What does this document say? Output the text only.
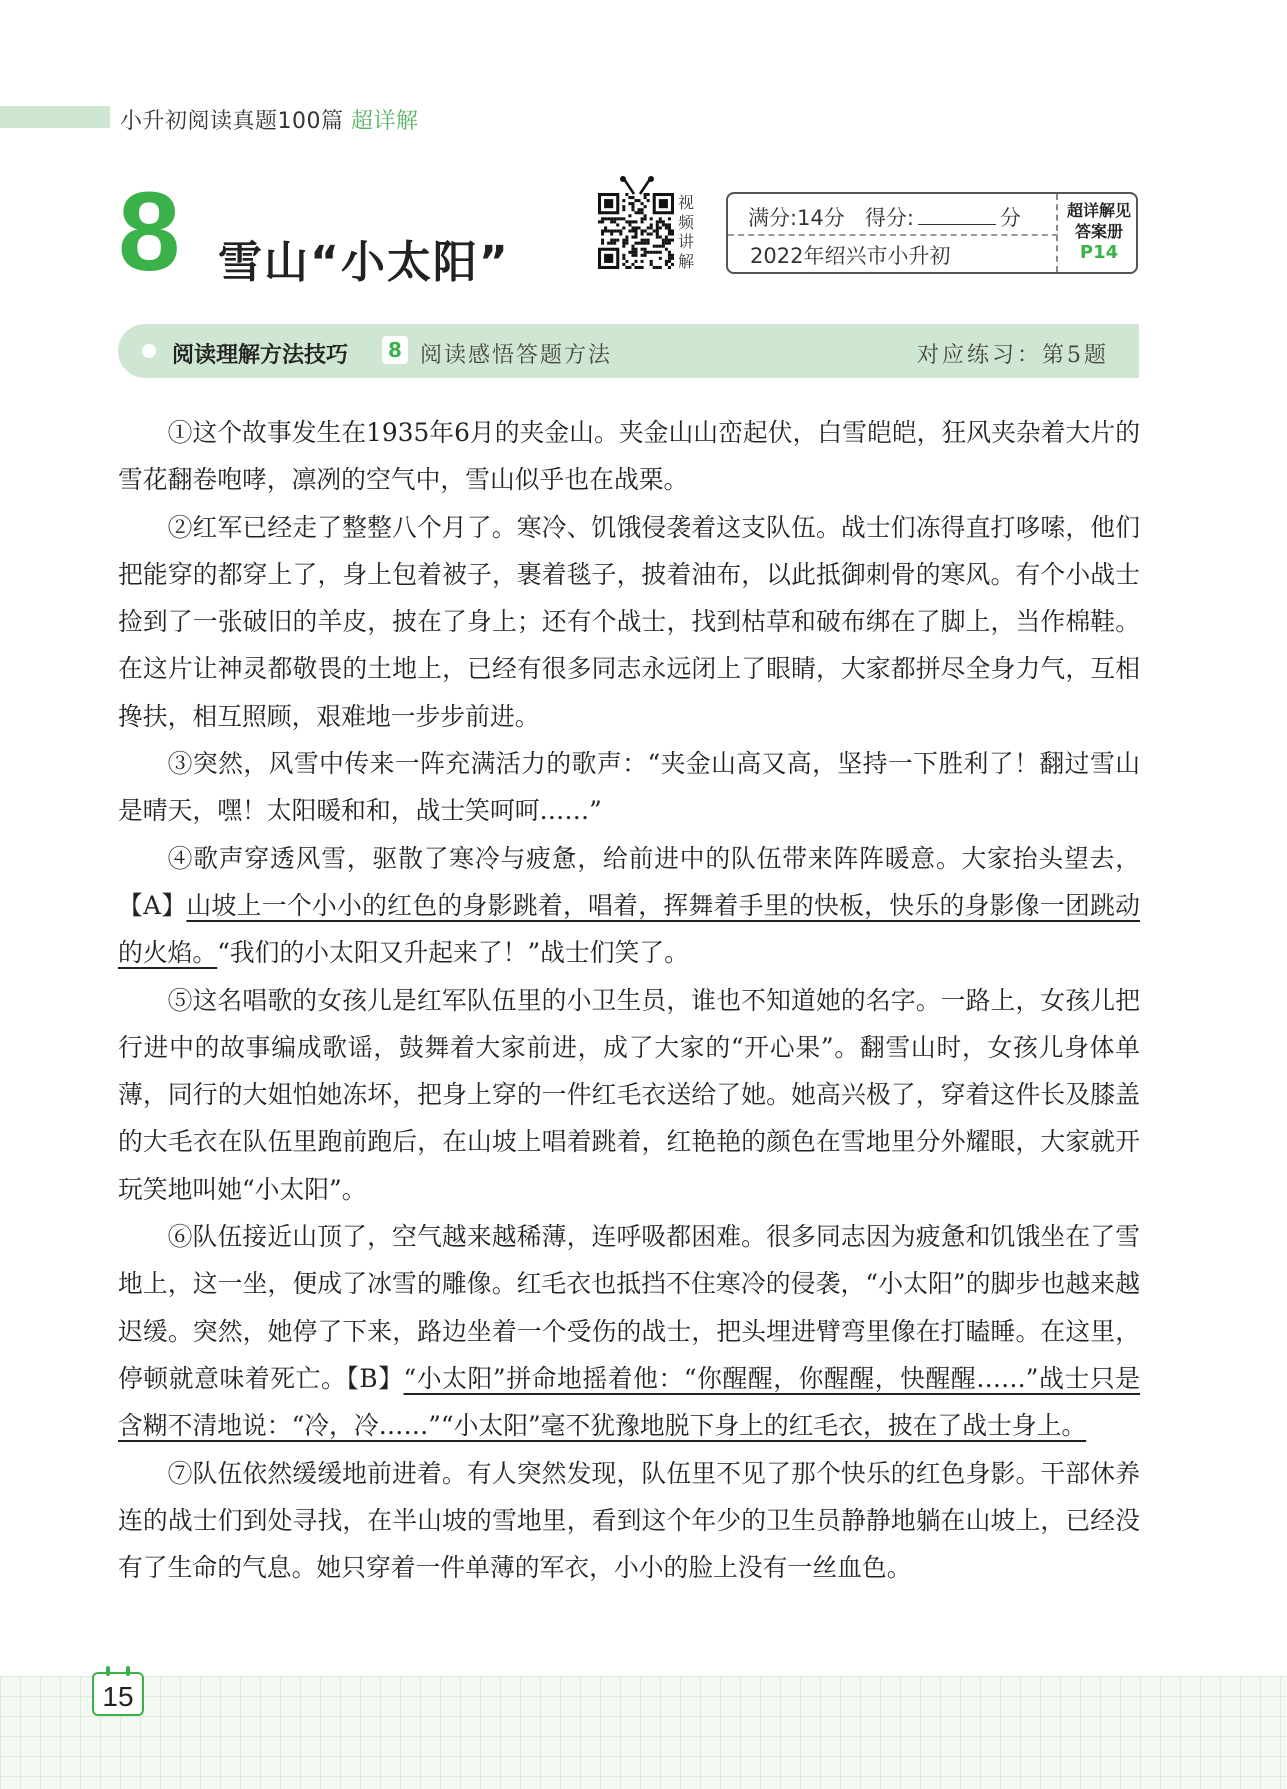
小升初阅读真题100篇 超详解
8 雪山“小太阳”
视
频
讲
解
满分:14分 得分:	分
2022年绍兴市小升初
超详解见
答案册
P14
阅读理解方法技巧	8 阅读感悟答题方法	对应练习：第5题

①这个故事发生在1935年6月的夹金山。夹金山山峦起伏，白雪皑皑，狂风夹杂着大片的雪花翻卷咆哮，凛冽的空气中，雪山似乎也在战栗。

②红军已经走了整整八个月了。寒冷、饥饿侵袭着这支队伍。战士们冻得直打哆嗦，他们把能穿的都穿上了，身上包着被子，裹着毯子，披着油布，以此抵御刺骨的寒风。有个小战士捡到了一张破旧的羊皮，披在了身上；还有个战士，找到枯草和破布绑在了脚上，当作棉鞋。在这片让神灵都敬畏的土地上，已经有很多同志永远闭上了眼睛，大家都拼尽全身力气，互相搀扶，相互照顾，艰难地一步步前进。

③突然，风雪中传来一阵充满活力的歌声：“夹金山高又高，坚持一下胜利了！翻过雪山是晴天，嘿！太阳暖和和，战士笑呵呵……”

④歌声穿透风雪，驱散了寒冷与疲惫，给前进中的队伍带来阵阵暖意。大家抬头望去，【A】山坡上一个小小的红色的身影跳着，唱着，挥舞着手里的快板，快乐的身影像一团跳动的火焰。“我们的小太阳又升起来了！”战士们笑了。

⑤这名唱歌的女孩儿是红军队伍里的小卫生员，谁也不知道她的名字。一路上，女孩儿把行进中的故事编成歌谣，鼓舞着大家前进，成了大家的“开心果”。翻雪山时，女孩儿身体单薄，同行的大姐怕她冻坏，把身上穿的一件红毛衣送给了她。她高兴极了，穿着这件长及膝盖的大毛衣在队伍里跑前跑后，在山坡上唱着跳着，红艳艳的颜色在雪地里分外耀眼，大家就开玩笑地叫她“小太阳”。

⑥队伍接近山顶了，空气越来越稀薄，连呼吸都困难。很多同志因为疲惫和饥饿坐在了雪地上，这一坐，便成了冰雪的雕像。红毛衣也抵挡不住寒冷的侵袭，“小太阳”的脚步也越来越迟缓。突然，她停了下来，路边坐着一个受伤的战士，把头埋进臂弯里像在打瞌睡。在这里，停顿就意味着死亡。【B】“小太阳”拼命地摇着他：“你醒醒，你醒醒，快醒醒……”战士只是含糊不清地说：“冷，冷……”“小太阳”毫不犹豫地脱下身上的红毛衣，披在了战士身上。

⑦队伍依然缓缓地前进着。有人突然发现，队伍里不见了那个快乐的红色身影。干部休养连的战士们到处寻找，在半山坡的雪地里，看到这个年少的卫生员静静地躺在山坡上，已经没有了生命的气息。她只穿着一件单薄的军衣，小小的脸上没有一丝血色。

15
